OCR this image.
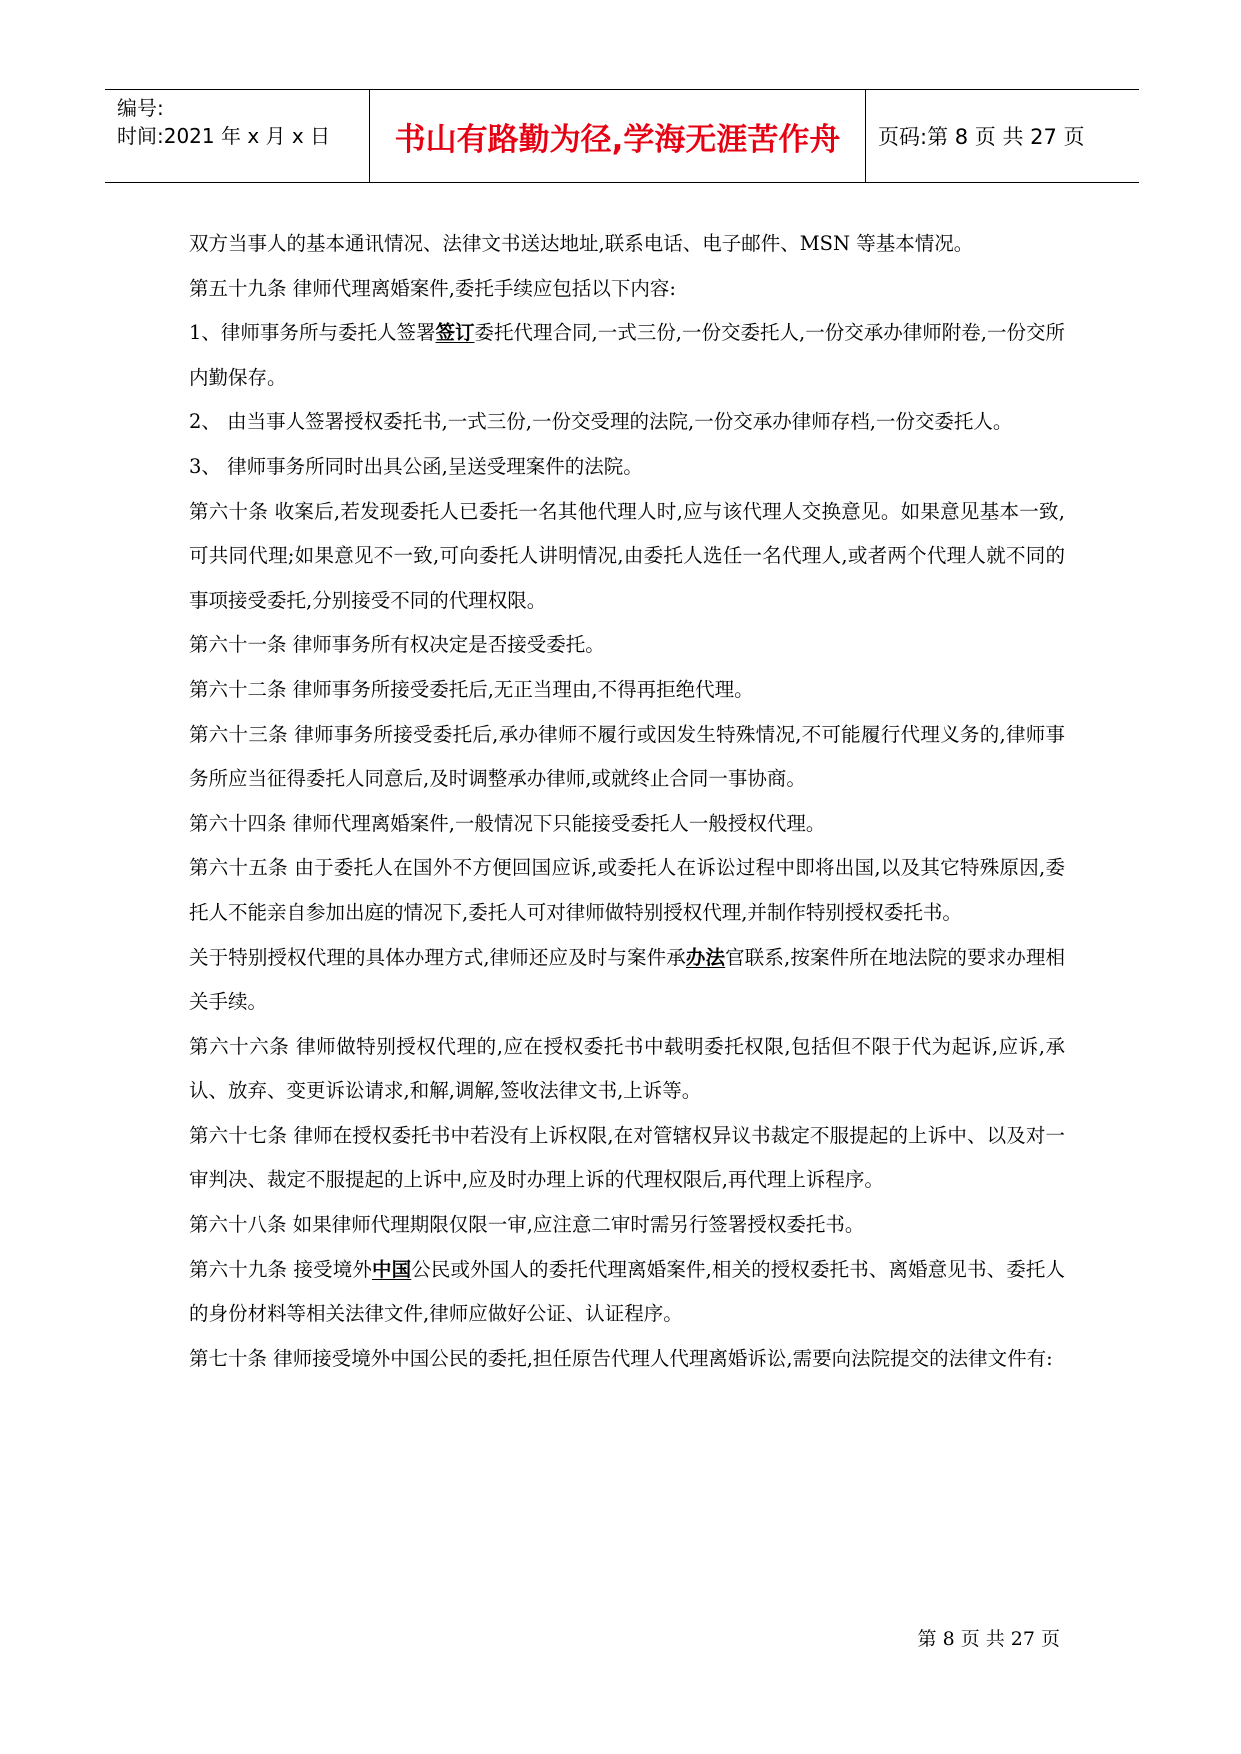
编号:
时间:2021 年 x 月 x 日	书山有路勤为径,学海无涯苦作舟 页码:第 8 页 共 27 页

双方当事人的基本通讯情况、法律文书送达地址,联系电话、电子邮件、MSN 等基本情况。

第五十九条 律师代理离婚案件,委托手续应包括以下内容:

1、律师事务所与委托人签署签订委托代理合同,一式三份,一份交委托人,一份交承办律师附卷,一份交所内勤保存。

2、 由当事人签署授权委托书,一式三份,一份交受理的法院,一份交承办律师存档,一份交委托人。

3、 律师事务所同时出具公函,呈送受理案件的法院。

第六十条 收案后,若发现委托人已委托一名其他代理人时,应与该代理人交换意见。如果意见基本一致,可共同代理;如果意见不一致,可向委托人讲明情况,由委托人选任一名代理人,或者两个代理人就不同的事项接受委托,分别接受不同的代理权限。

第六十一条 律师事务所有权决定是否接受委托。

第六十二条 律师事务所接受委托后,无正当理由,不得再拒绝代理。

第六十三条 律师事务所接受委托后,承办律师不履行或因发生特殊情况,不可能履行代理义务的,律师事务所应当征得委托人同意后,及时调整承办律师,或就终止合同一事协商。

第六十四条 律师代理离婚案件,一般情况下只能接受委托人一般授权代理。

第六十五条 由于委托人在国外不方便回国应诉,或委托人在诉讼过程中即将出国,以及其它特殊原因,委托人不能亲自参加出庭的情况下,委托人可对律师做特别授权代理,并制作特别授权委托书。

关于特别授权代理的具体办理方式,律师还应及时与案件承办法官联系,按案件所在地法院的要求办理相关手续。

第六十六条 律师做特别授权代理的,应在授权委托书中载明委托权限,包括但不限于代为起诉,应诉,承认、放弃、变更诉讼请求,和解,调解,签收法律文书,上诉等。

第六十七条 律师在授权委托书中若没有上诉权限,在对管辖权异议书裁定不服提起的上诉中、以及对一审判决、裁定不服提起的上诉中,应及时办理上诉的代理权限后,再代理上诉程序。

第六十八条 如果律师代理期限仅限一审,应注意二审时需另行签署授权委托书。

第六十九条 接受境外中国公民或外国人的委托代理离婚案件,相关的授权委托书、离婚意见书、委托人的身份材料等相关法律文件,律师应做好公证、认证程序。

第七十条 律师接受境外中国公民的委托,担任原告代理人代理离婚诉讼,需要向法院提交的法律文件有:

第 8 页 共 27 页
